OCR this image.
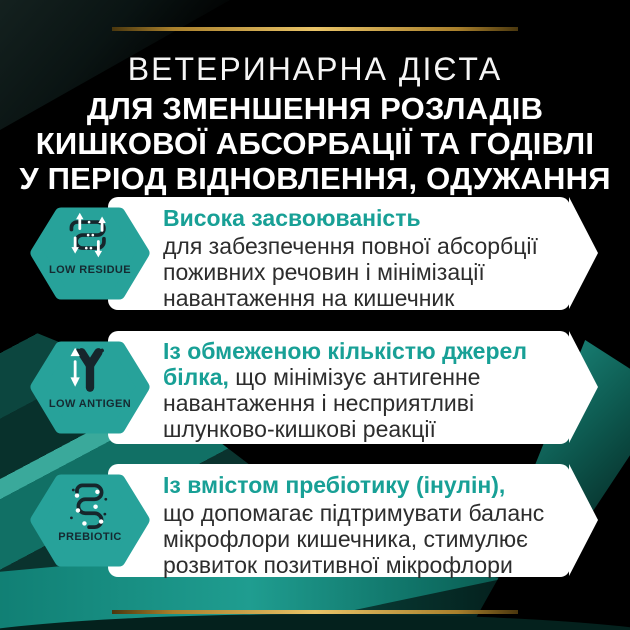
ВЕТЕРИНАРНА ДІЄТА
ДЛЯ ЗМЕНШЕННЯ РОЗЛАДІВ
КИШКОВОЇ АБСОРБАЦІЇ ТА ГОДІВЛІ
У ПЕРІОД ВІДНОВЛЕННЯ, ОДУЖАННЯ
LOW RESIDUE

Висока засвоюваність
для забезпечення повної абсорбції поживних речовин і мінімізації навантаження на кишечник

LOW ANTIGEN

Із обмеженою кількістю джерел білка, що мінімізує антигенне навантаження і несприятливі шлунково-кишкові реакції

PREBIOTIC

Із вмістом пребіотику (інулін),
що допомагає підтримувати баланс мікрофлори кишечника, стимулює розвиток позитивної мікрофлори
